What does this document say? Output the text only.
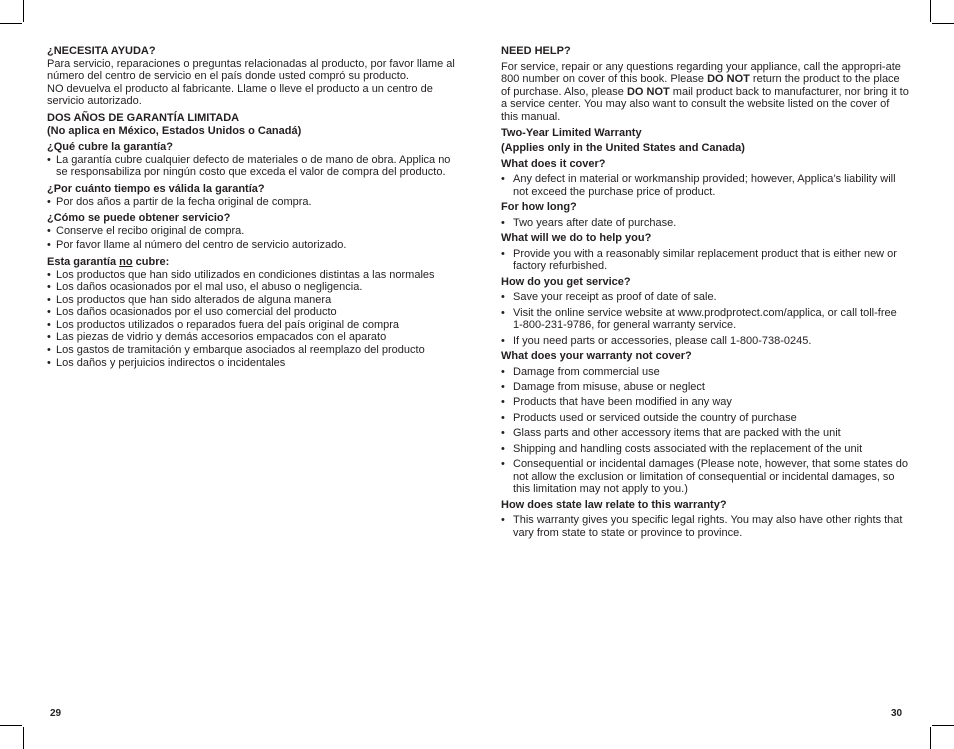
¿NECESITA AYUDA?
Para servicio, reparaciones o preguntas relacionadas al producto, por favor llame al número del centro de servicio en el país donde usted compró su producto.
NO devuelva el producto al fabricante. Llame o lleve el producto a un centro de servicio autorizado.
DOS AÑOS DE GARANTÍA LIMITADA
(No aplica en México, Estados Unidos o Canadá)
¿Qué cubre la garantía?
• La garantía cubre cualquier defecto de materiales o de mano de obra. Applica no se responsabiliza por ningún costo que exceda el valor de compra del producto.
¿Por cuánto tiempo es válida la garantía?
• Por dos años a partir de la fecha original de compra.
¿Cómo se puede obtener servicio?
• Conserve el recibo original de compra.
• Por favor llame al número del centro de servicio autorizado.
Esta garantía no cubre:
• Los productos que han sido utilizados en condiciones distintas a las normales
• Los daños ocasionados por el mal uso, el abuso o negligencia.
• Los productos que han sido alterados de alguna manera
• Los daños ocasionados por el uso comercial del producto
• Los productos utilizados o reparados fuera del país original de compra
• Las piezas de vidrio y demás accesorios empacados con el aparato
• Los gastos de tramitación y embarque asociados al reemplazo del producto
• Los daños y perjuicios indirectos o incidentales
NEED HELP?
For service, repair or any questions regarding your appliance, call the appropri-ate 800 number on cover of this book. Please DO NOT return the product to the place of purchase. Also, please DO NOT mail product back to manufacturer, nor bring it to a service center. You may also want to consult the website listed on the cover of this manual.
Two-Year Limited Warranty
(Applies only in the United States and Canada)
What does it cover?
• Any defect in material or workmanship provided; however, Applica’s liability will not exceed the purchase price of product.
For how long?
• Two years after date of purchase.
What will we do to help you?
• Provide you with a reasonably similar replacement product that is either new or factory refurbished.
How do you get service?
• Save your receipt as proof of date of sale.
• Visit the online service website at www.prodprotect.com/applica, or call toll-free 1-800-231-9786, for general warranty service.
• If you need parts or accessories, please call 1-800-738-0245.
What does your warranty not cover?
• Damage from commercial use
• Damage from misuse, abuse or neglect
• Products that have been modified in any way
• Products used or serviced outside the country of purchase
• Glass parts and other accessory items that are packed with the unit
• Shipping and handling costs associated with the replacement of the unit
• Consequential or incidental damages (Please note, however, that some states do not allow the exclusion or limitation of consequential or incidental damages, so this limitation may not apply to you.)
How does state law relate to this warranty?
• This warranty gives you specific legal rights. You may also have other rights that vary from state to state or province to province.
29	30
